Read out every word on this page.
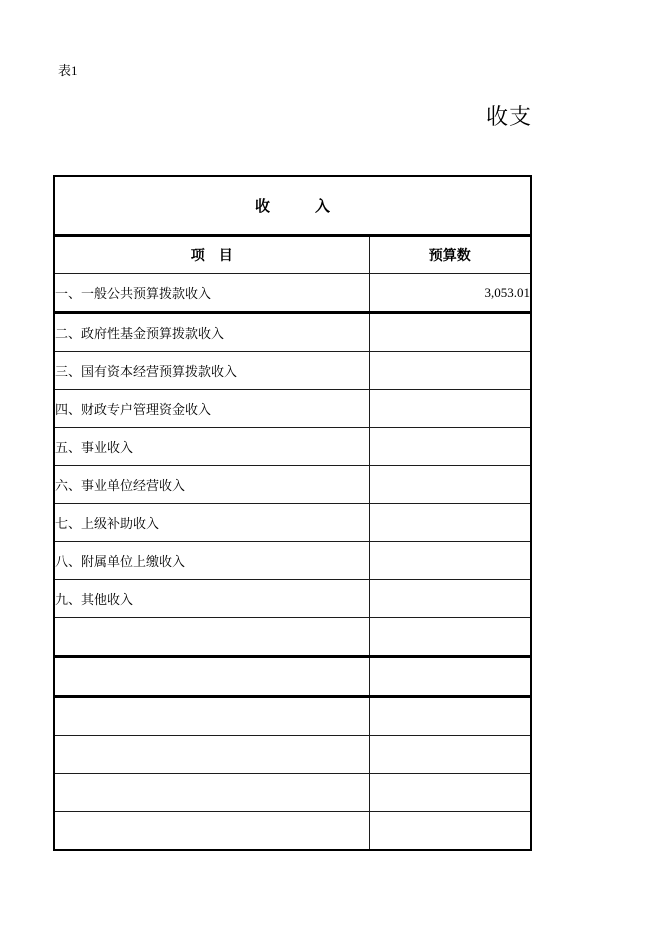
表1
收支
收　　　入	
项　目	预算数
一、一般公共预算拨款收入	3,053.01
二、政府性基金预算拨款收入	
三、国有资本经营预算拨款收入	
四、财政专户管理资金收入	
五、事业收入	
六、事业单位经营收入	
七、上级补助收入	
八、附属单位上缴收入	
九、其他收入	
